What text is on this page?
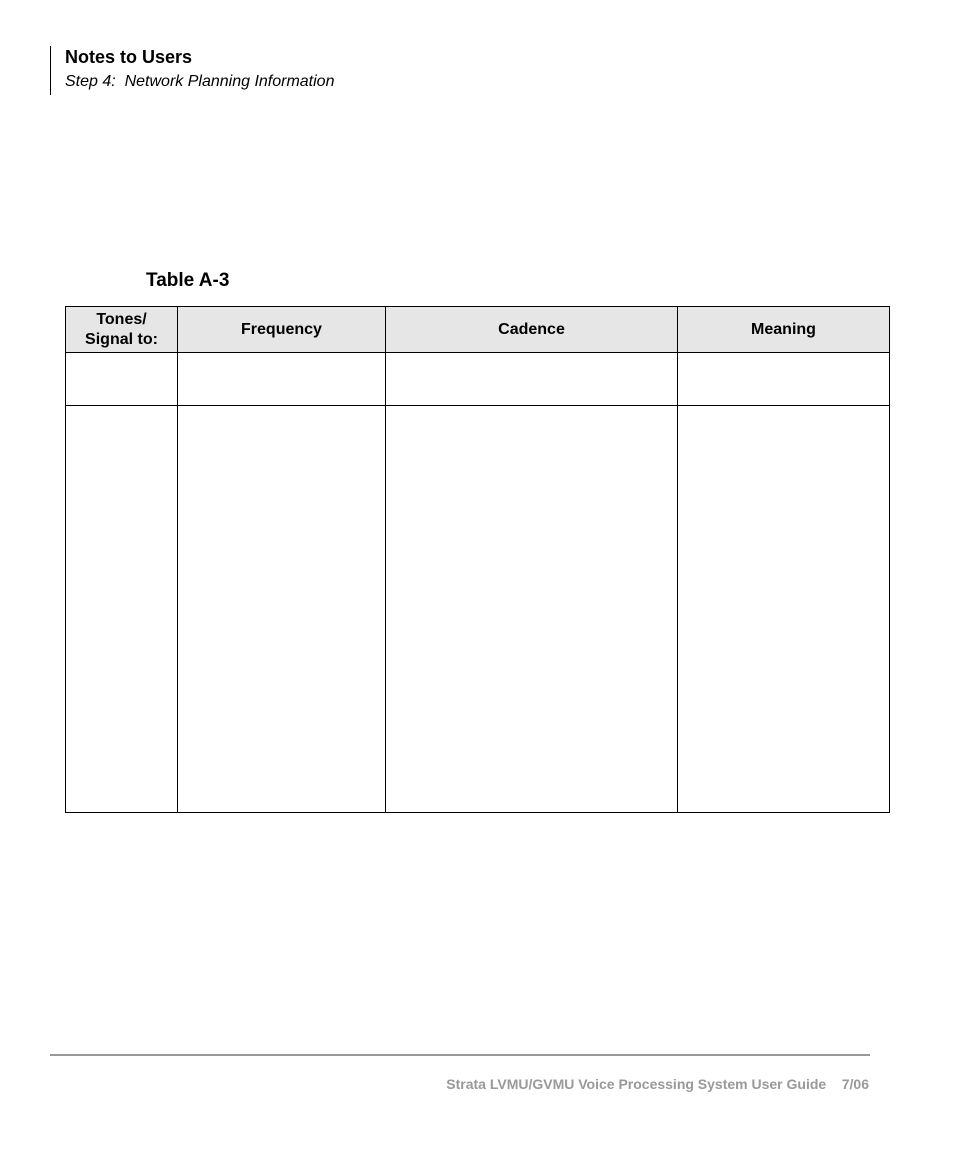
Notes to Users
Step 4:  Network Planning Information
Table A-3
Tones/
Signal to:	Frequency	Cadence	Meaning

Strata LVMU/GVMU Voice Processing System User Guide    7/06
